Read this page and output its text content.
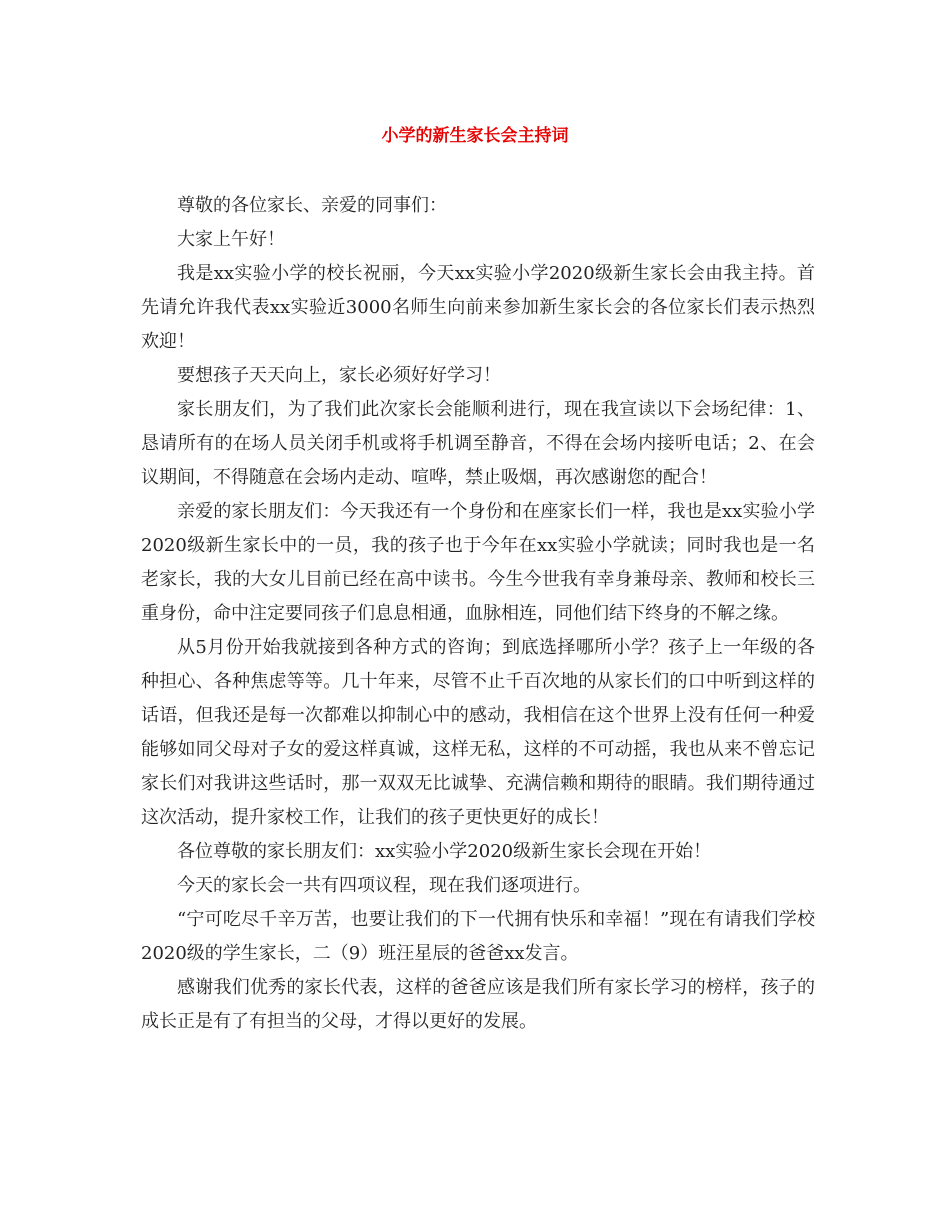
小学的新生家长会主持词

尊敬的各位家长、亲爱的同事们：

大家上午好！

我是xx实验小学的校长祝丽，今天xx实验小学2020级新生家长会由我主持。首先请允许我代表xx实验近3000名师生向前来参加新生家长会的各位家长们表示热烈欢迎！

要想孩子天天向上，家长必须好好学习！

家长朋友们，为了我们此次家长会能顺利进行，现在我宣读以下会场纪律：1、恳请所有的在场人员关闭手机或将手机调至静音，不得在会场内接听电话；2、在会议期间，不得随意在会场内走动、喧哗，禁止吸烟，再次感谢您的配合！

亲爱的家长朋友们：今天我还有一个身份和在座家长们一样，我也是xx实验小学2020级新生家长中的一员，我的孩子也于今年在xx实验小学就读；同时我也是一名老家长，我的大女儿目前已经在高中读书。今生今世我有幸身兼母亲、教师和校长三重身份，命中注定要同孩子们息息相通，血脉相连，同他们结下终身的不解之缘。

从5月份开始我就接到各种方式的咨询；到底选择哪所小学？孩子上一年级的各种担心、各种焦虑等等。几十年来，尽管不止千百次地的从家长们的口中听到这样的话语，但我还是每一次都难以抑制心中的感动，我相信在这个世界上没有任何一种爱能够如同父母对子女的爱这样真诚，这样无私，这样的不可动摇，我也从来不曾忘记家长们对我讲这些话时，那一双双无比诚挚、充满信赖和期待的眼睛。我们期待通过这次活动，提升家校工作，让我们的孩子更快更好的成长！

各位尊敬的家长朋友们：xx实验小学2020级新生家长会现在开始！

今天的家长会一共有四项议程，现在我们逐项进行。

“宁可吃尽千辛万苦，也要让我们的下一代拥有快乐和幸福！”现在有请我们学校2020级的学生家长，二（9）班汪星辰的爸爸xx发言。

感谢我们优秀的家长代表，这样的爸爸应该是我们所有家长学习的榜样，孩子的成长正是有了有担当的父母，才得以更好的发展。
